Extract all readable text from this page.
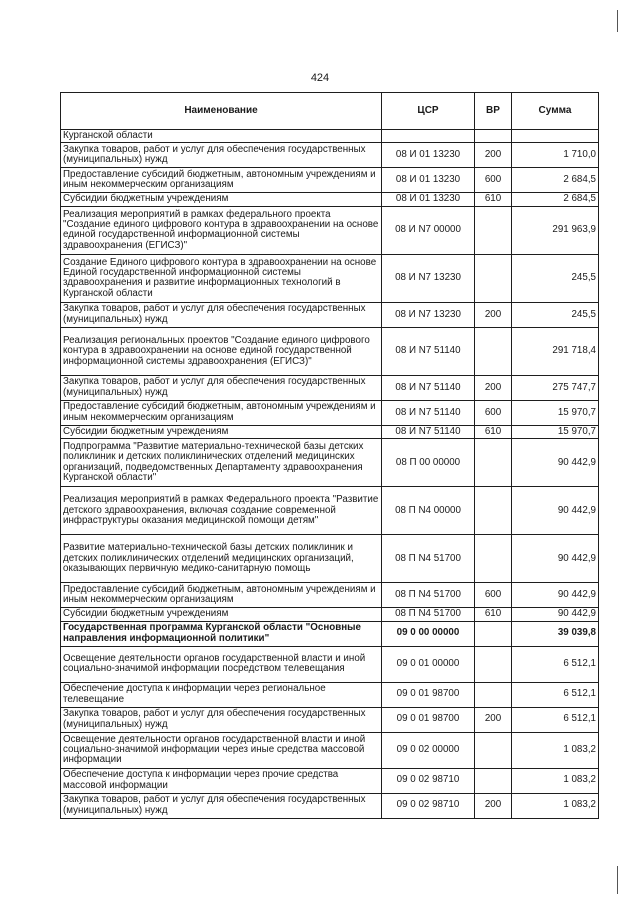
424
Наименование	ЦСР	ВР	Сумма
Курганской области			
Закупка товаров, работ и услуг для обеспечения государственных (муниципальных) нужд	08 И 01 13230	200	1 710,0
Предоставление субсидий бюджетным, автономным учреждениям и иным некоммерческим организациям	08 И 01 13230	600	2 684,5
Субсидии бюджетным учреждениям	08 И 01 13230	610	2 684,5
Реализация мероприятий в рамках федерального проекта "Создание единого цифрового контура в здравоохранении на основе единой государственной информационной системы здравоохранения (ЕГИСЗ)"	08 И N7 00000		291 963,9
Создание Единого цифрового контура в здравоохранении на основе Единой государственной информационной системы здравоохранения и развитие информационных технологий в Курганской области	08 И N7 13230		245,5
Закупка товаров, работ и услуг для обеспечения государственных (муниципальных) нужд	08 И N7 13230	200	245,5
Реализация региональных проектов "Создание единого цифрового контура в здравоохранении на основе единой государственной информационной системы здравоохранения (ЕГИСЗ)"	08 И N7 51140		291 718,4
Закупка товаров, работ и услуг для обеспечения государственных (муниципальных) нужд	08 И N7 51140	200	275 747,7
Предоставление субсидий бюджетным, автономным учреждениям и иным некоммерческим организациям	08 И N7 51140	600	15 970,7
Субсидии бюджетным учреждениям	08 И N7 51140	610	15 970,7
Подпрограмма "Развитие материально-технической базы детских поликлиник и детских поликлинических отделений медицинских организаций, подведомственных Департаменту здравоохранения Курганской области"	08 П 00 00000		90 442,9
Реализация мероприятий в рамках Федерального проекта "Развитие детского здравоохранения, включая создание современной инфраструктуры оказания медицинской помощи детям"	08 П N4 00000		90 442,9
Развитие материально-технической базы детских поликлиник и детских поликлинических отделений медицинских организаций, оказывающих первичную медико-санитарную помощь	08 П N4 51700		90 442,9
Предоставление субсидий бюджетным, автономным учреждениям и иным некоммерческим организациям	08 П N4 51700	600	90 442,9
Субсидии бюджетным учреждениям	08 П N4 51700	610	90 442,9
Государственная программа Курганской области "Основные направления информационной политики"	09 0 00 00000		39 039,8
Освещение деятельности органов государственной власти и иной социально-значимой информации посредством телевещания	09 0 01 00000		6 512,1
Обеспечение доступа к информации через региональное телевещание	09 0 01 98700		6 512,1
Закупка товаров, работ и услуг для обеспечения государственных (муниципальных) нужд	09 0 01 98700	200	6 512,1
Освещение деятельности органов государственной власти и иной социально-значимой информации через иные средства массовой информации	09 0 02 00000		1 083,2
Обеспечение доступа к информации через прочие средства массовой информации	09 0 02 98710		1 083,2
Закупка товаров, работ и услуг для обеспечения государственных (муниципальных) нужд	09 0 02 98710	200	1 083,2
